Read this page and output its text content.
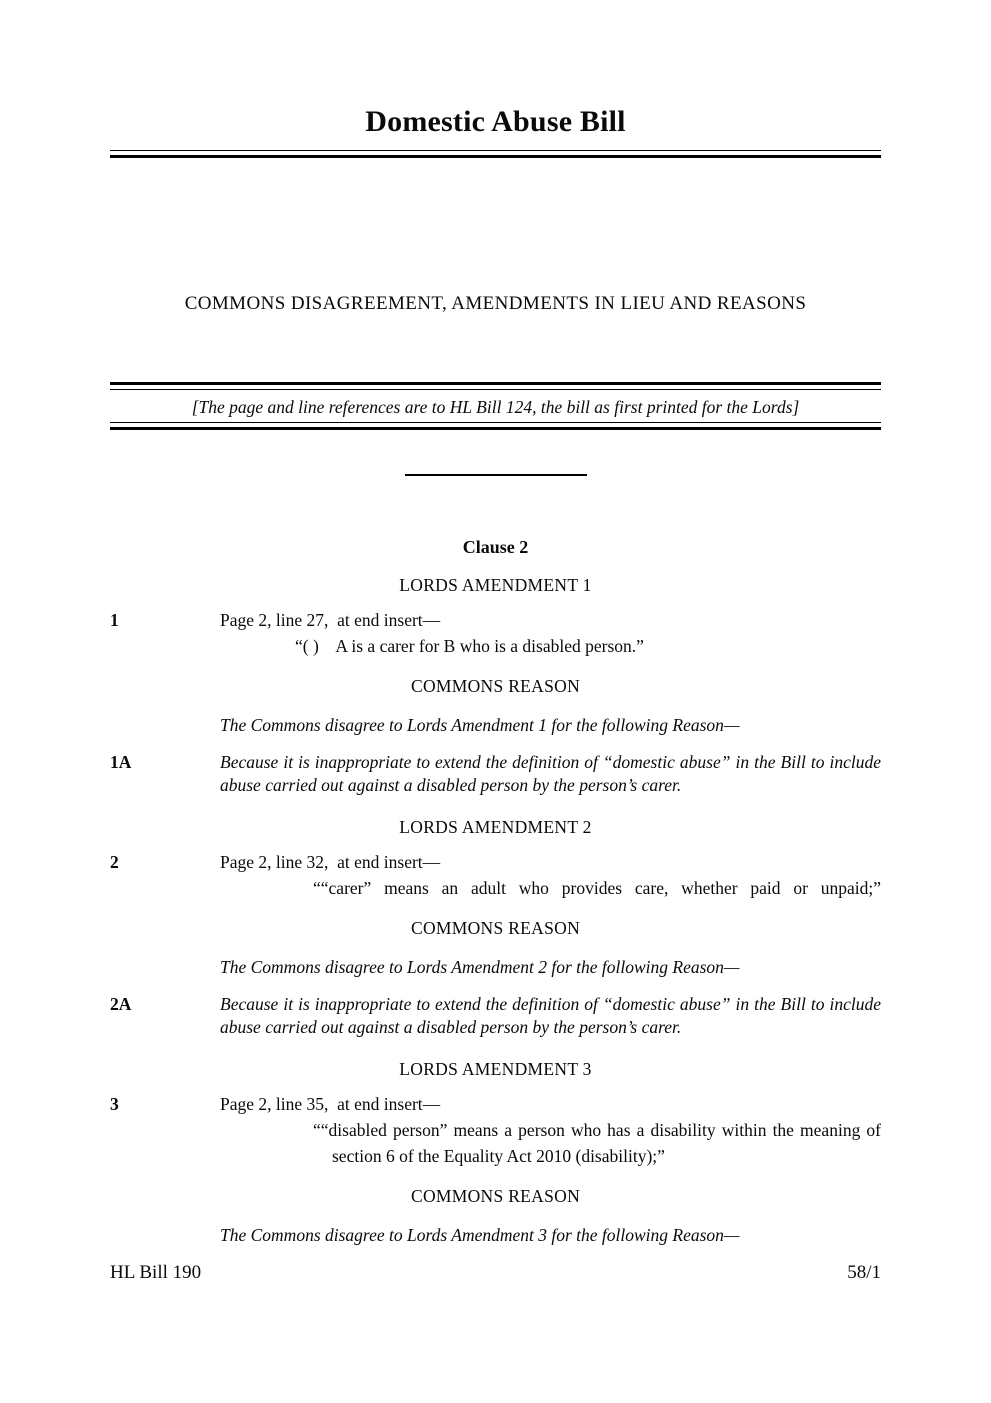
Domestic Abuse Bill
COMMONS DISAGREEMENT, AMENDMENTS IN LIEU AND REASONS
[The page and line references are to HL Bill 124, the bill as first printed for the Lords]
Clause 2
LORDS AMENDMENT 1
1	Page 2, line 27,  at end insert—
“( )    A is a carer for B who is a disabled person.”
COMMONS REASON
The Commons disagree to Lords Amendment 1 for the following Reason—
1A	Because it is inappropriate to extend the definition of “domestic abuse” in the Bill to include abuse carried out against a disabled person by the person’s carer.
LORDS AMENDMENT 2
2	Page 2, line 32,  at end insert—
““carer” means an adult who provides care, whether paid or unpaid;”
COMMONS REASON
The Commons disagree to Lords Amendment 2 for the following Reason—
2A	Because it is inappropriate to extend the definition of “domestic abuse” in the Bill to include abuse carried out against a disabled person by the person’s carer.
LORDS AMENDMENT 3
3	Page 2, line 35,  at end insert—
““disabled person” means a person who has a disability within the meaning of section 6 of the Equality Act 2010 (disability);”
COMMONS REASON
The Commons disagree to Lords Amendment 3 for the following Reason—
HL Bill 190	58/1
